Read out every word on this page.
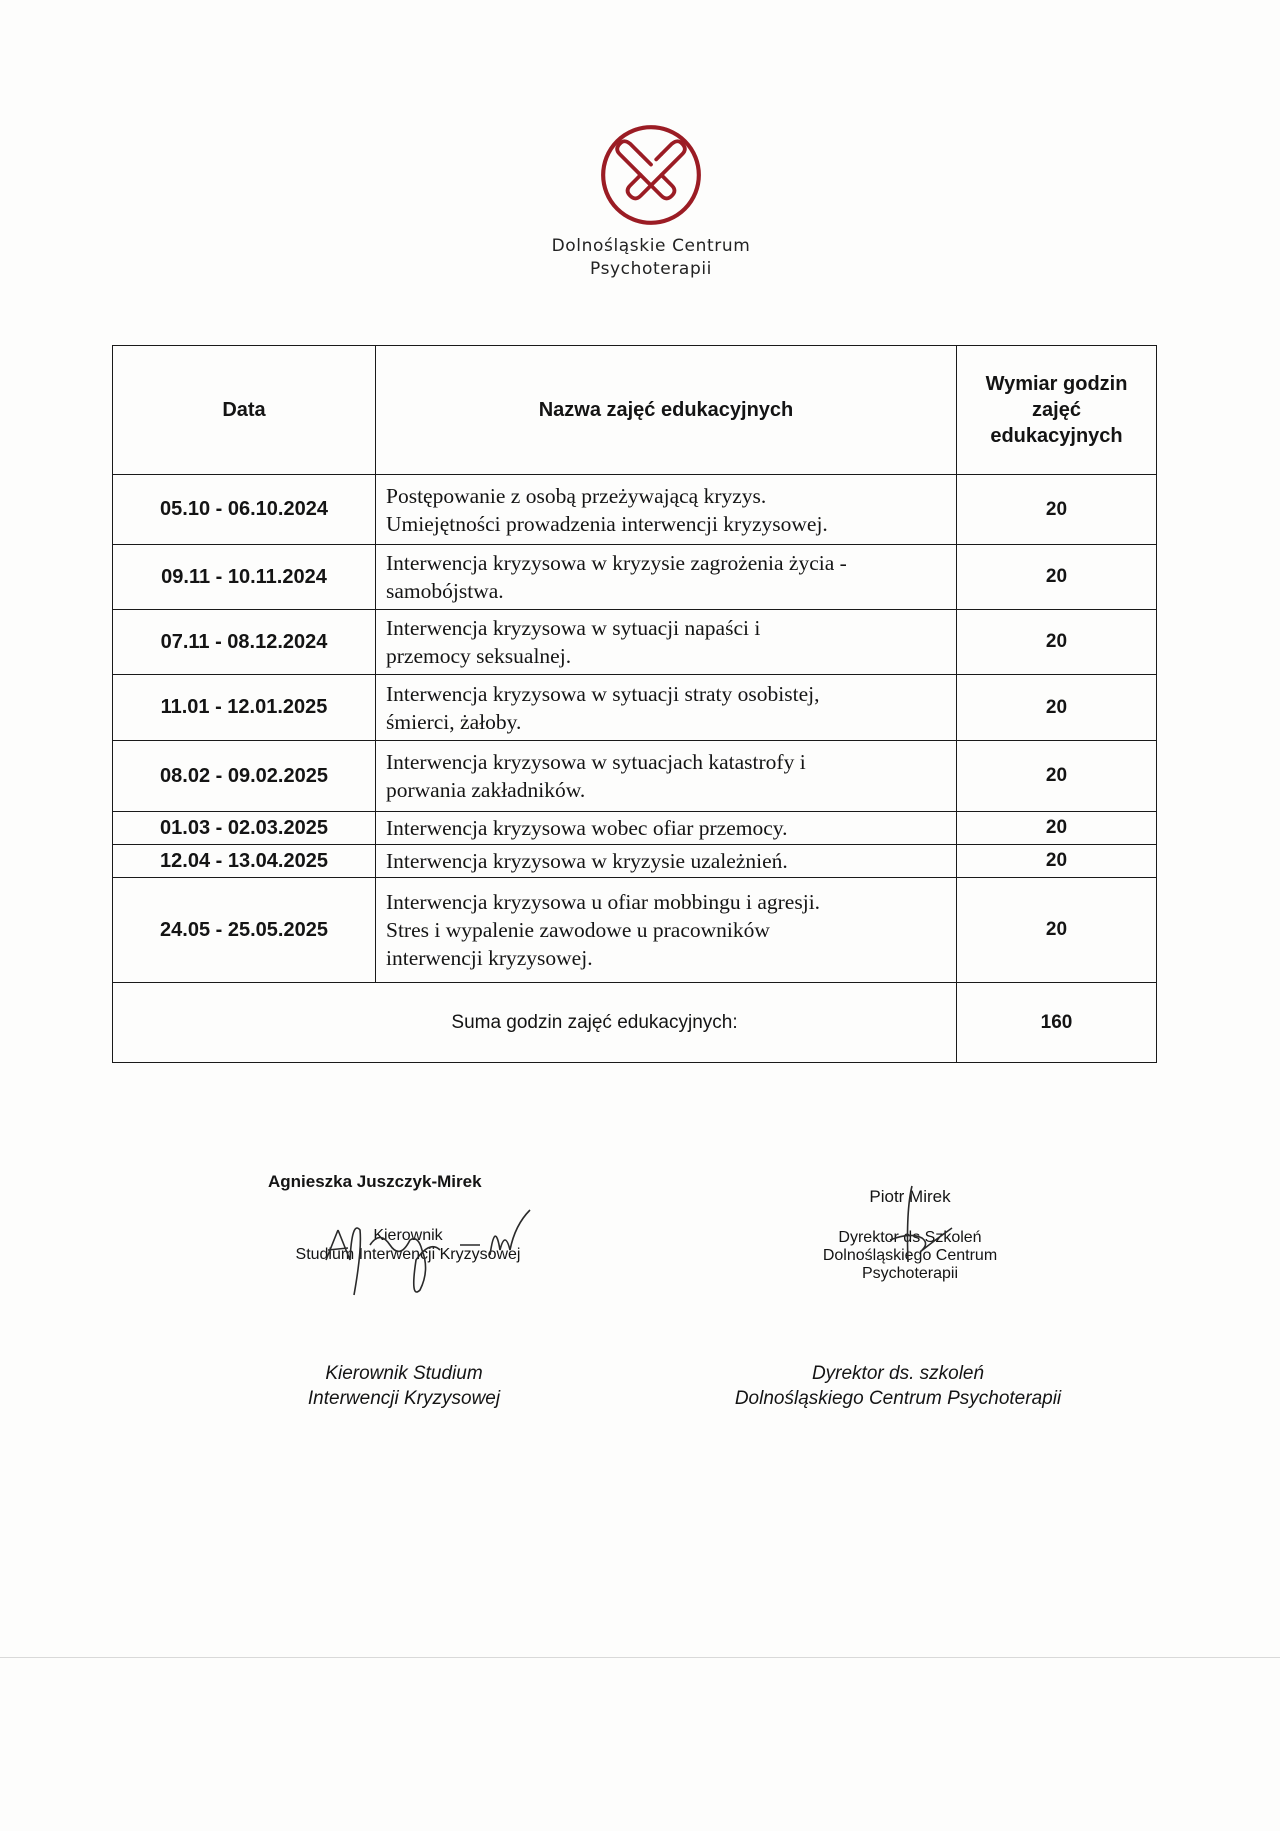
Dolnośląskie Centrum
Psychoterapii
Data	Nazwa zajęć edukacyjnych	Wymiar godzin
zajęć
edukacyjnych

05.10 - 06.10.2024	Postępowanie z osobą przeżywającą kryzys.
Umiejętności prowadzenia interwencji kryzysowej.	20
09.11 - 10.11.2024	Interwencja kryzysowa w kryzysie zagrożenia życia -
samobójstwa.	20
07.11 - 08.12.2024	Interwencja kryzysowa w sytuacji napaści i
przemocy seksualnej.	20
11.01 - 12.01.2025	Interwencja kryzysowa w sytuacji straty osobistej,
śmierci, żałoby.	20
08.02 - 09.02.2025	Interwencja kryzysowa w sytuacjach katastrofy i
porwania zakładników.	20
01.03 - 02.03.2025	Interwencja kryzysowa wobec ofiar przemocy.	20
12.04 - 13.04.2025	Interwencja kryzysowa w kryzysie uzależnień.	20
24.05 - 25.05.2025	Interwencja kryzysowa u ofiar mobbingu i agresji.
Stres i wypalenie zawodowe u pracowników
interwencji kryzysowej.	20
Suma godzin zajęć edukacyjnych:		160
Agnieszka Juszczyk-Mirek
Kierownik
Studium Interwencji Kryzysowej
Piotr Mirek
Dyrektor ds Szkoleń
Dolnośląskiego Centrum
Psychoterapii
Kierownik Studium
Interwencji Kryzysowej
Dyrektor ds. szkoleń
Dolnośląskiego Centrum Psychoterapii
